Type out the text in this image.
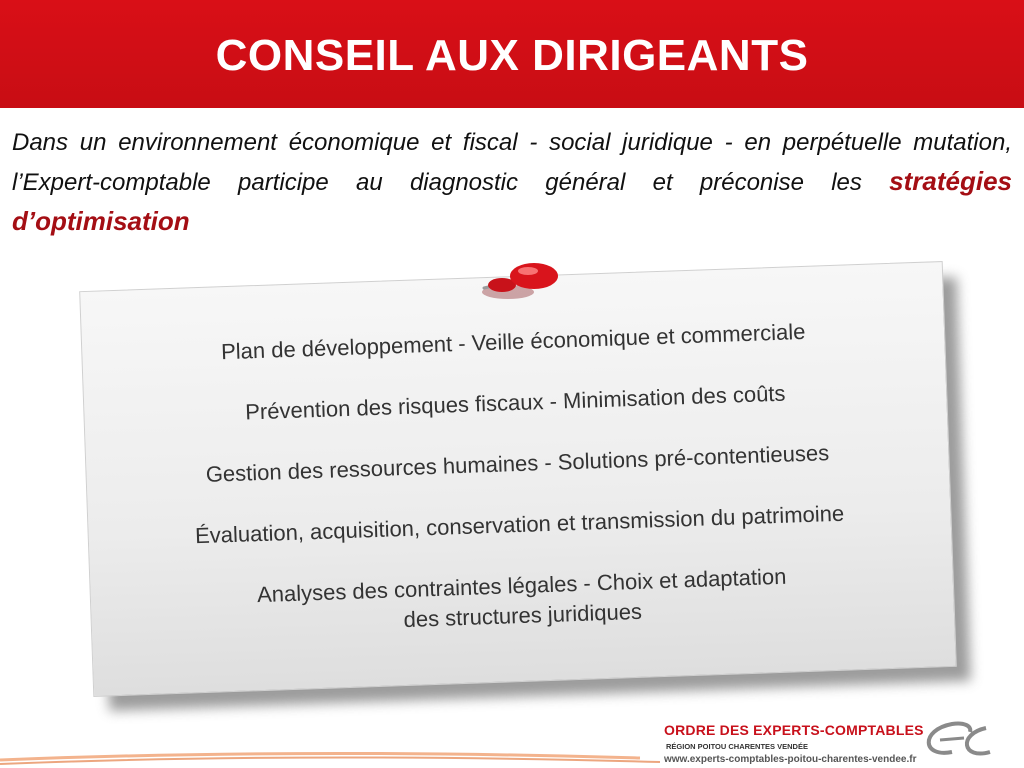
CONSEIL AUX DIRIGEANTS

Dans un environnement économique et fiscal - social juridique - en perpétuelle mutation, l’Expert-comptable participe au diagnostic général et préconise les stratégies d’optimisation

Plan de développement - Veille économique et commerciale
Prévention des risques fiscaux - Minimisation des coûts
Gestion des ressources humaines - Solutions pré-contentieuses
Évaluation, acquisition, conservation et transmission du patrimoine
Analyses des contraintes légales - Choix et adaptation des structures juridiques
ORDRE DES EXPERTS-COMPTABLES
RÉGION POITOU CHARENTES VENDÉE
www.experts-comptables-poitou-charentes-vendee.fr
